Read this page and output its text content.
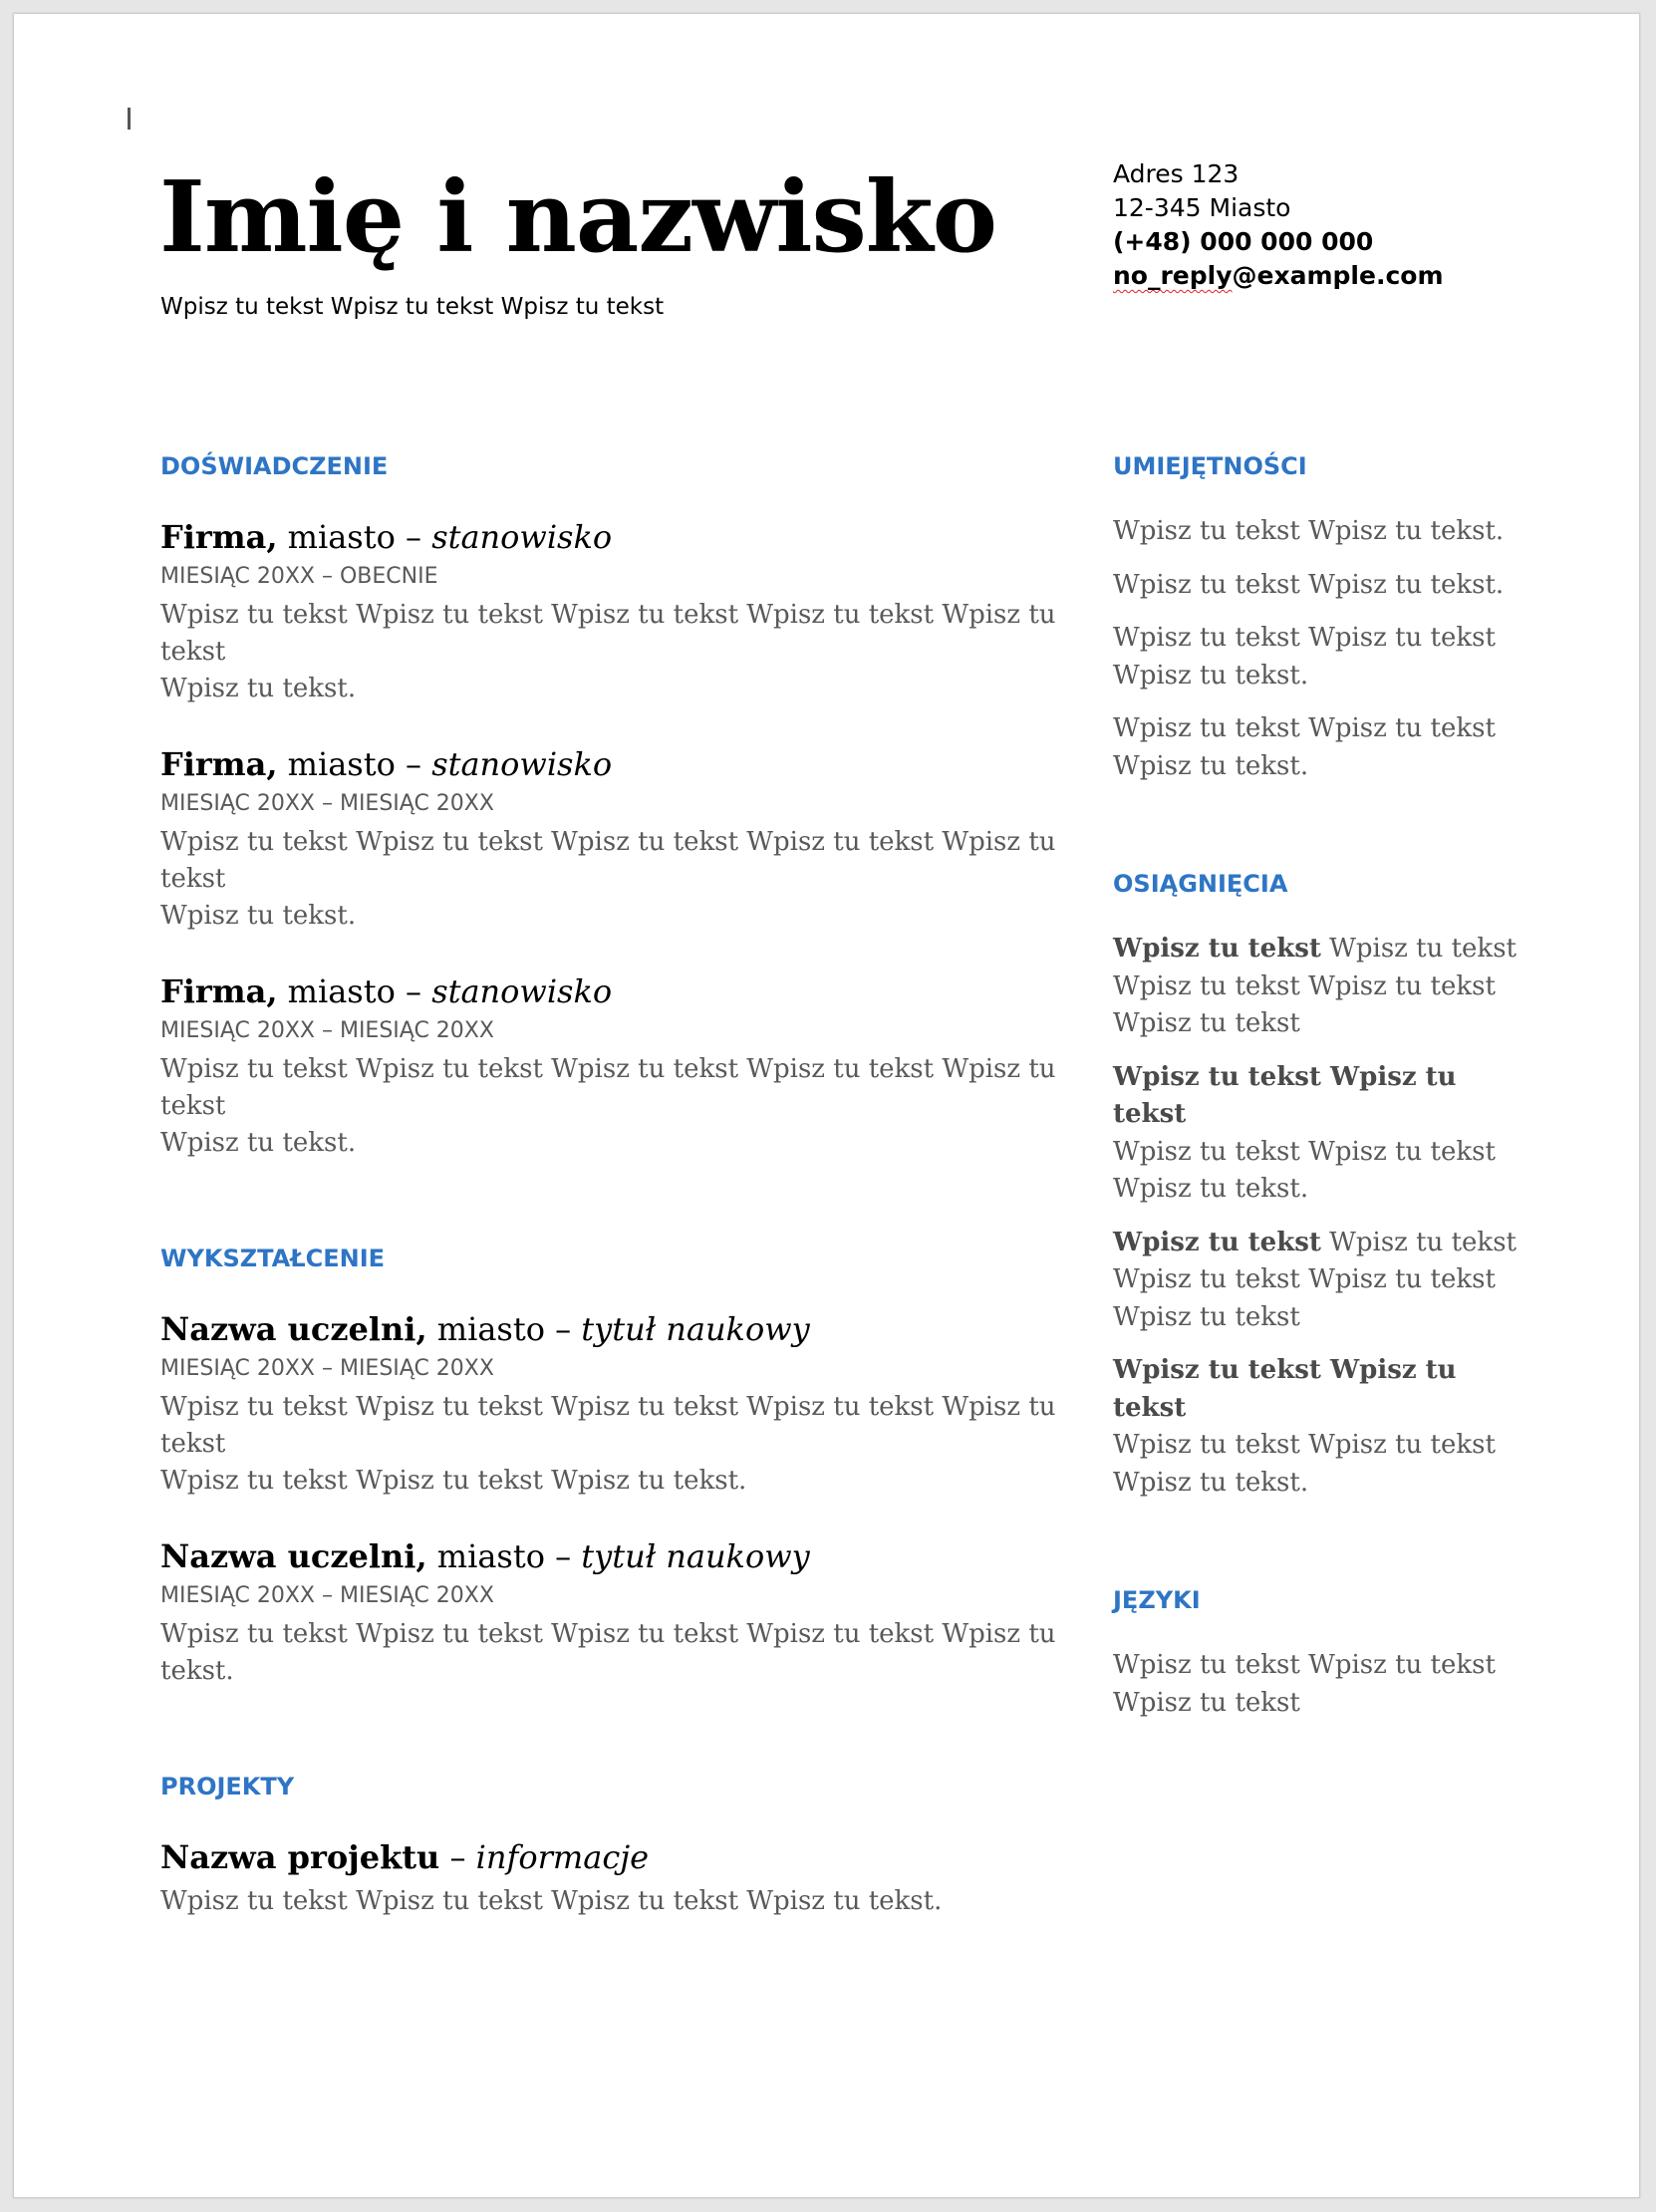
Imię i nazwisko
Wpisz tu tekst Wpisz tu tekst Wpisz tu tekst
Adres 123
12-345 Miasto
(+48) 000 000 000
no_reply@example.com
DOŚWIADCZENIE
Firma, miasto – stanowisko
MIESIĄC 20XX – OBECNIE
Wpisz tu tekst Wpisz tu tekst Wpisz tu tekst Wpisz tu tekst Wpisz tu tekst
Wpisz tu tekst.
Firma, miasto – stanowisko
MIESIĄC 20XX – MIESIĄC 20XX
Wpisz tu tekst Wpisz tu tekst Wpisz tu tekst Wpisz tu tekst Wpisz tu tekst
Wpisz tu tekst.
Firma, miasto – stanowisko
MIESIĄC 20XX – MIESIĄC 20XX
Wpisz tu tekst Wpisz tu tekst Wpisz tu tekst Wpisz tu tekst Wpisz tu tekst
Wpisz tu tekst.
WYKSZTAŁCENIE
Nazwa uczelni, miasto – tytuł naukowy
MIESIĄC 20XX – MIESIĄC 20XX
Wpisz tu tekst Wpisz tu tekst Wpisz tu tekst Wpisz tu tekst Wpisz tu tekst
Wpisz tu tekst Wpisz tu tekst Wpisz tu tekst.
Nazwa uczelni, miasto – tytuł naukowy
MIESIĄC 20XX – MIESIĄC 20XX
Wpisz tu tekst Wpisz tu tekst Wpisz tu tekst Wpisz tu tekst Wpisz tu tekst.
PROJEKTY
Nazwa projektu – informacje
Wpisz tu tekst Wpisz tu tekst Wpisz tu tekst Wpisz tu tekst.
UMIEJĘTNOŚCI
Wpisz tu tekst Wpisz tu tekst.
Wpisz tu tekst Wpisz tu tekst.
Wpisz tu tekst Wpisz tu tekst
Wpisz tu tekst.
Wpisz tu tekst Wpisz tu tekst
Wpisz tu tekst.
OSIĄGNIĘCIA
Wpisz tu tekst Wpisz tu tekst
Wpisz tu tekst Wpisz tu tekst
Wpisz tu tekst
Wpisz tu tekst Wpisz tu tekst
Wpisz tu tekst Wpisz tu tekst
Wpisz tu tekst.
Wpisz tu tekst Wpisz tu tekst
Wpisz tu tekst Wpisz tu tekst
Wpisz tu tekst
Wpisz tu tekst Wpisz tu tekst
Wpisz tu tekst Wpisz tu tekst
Wpisz tu tekst.
JĘZYKI
Wpisz tu tekst Wpisz tu tekst
Wpisz tu tekst
